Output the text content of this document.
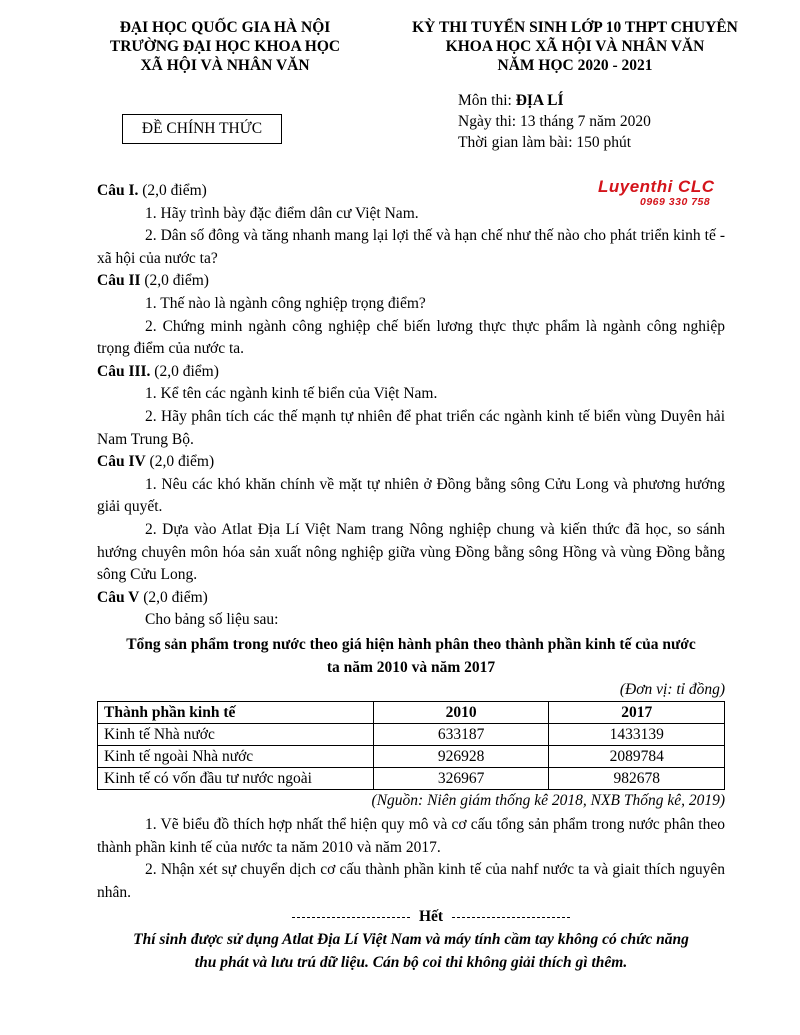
ĐẠI HỌC QUỐC GIA HÀ NỘI
TRƯỜNG ĐẠI HỌC KHOA HỌC
XÃ HỘI VÀ NHÂN VĂN
KỲ THI TUYỂN SINH LỚP 10 THPT CHUYÊN
KHOA HỌC XÃ HỘI VÀ NHÂN VĂN
NĂM HỌC 2020 - 2021
ĐỀ CHÍNH THỨC
Môn thi: ĐỊA LÍ
Ngày thi: 13 tháng 7 năm 2020
Thời gian làm bài: 150 phút
Luyenthi CLC
0969 330 758

Câu I. (2,0 điểm)

1. Hãy trình bày đặc điểm dân cư Việt Nam.

2. Dân số đông và tăng nhanh mang lại lợi thế và hạn chế như thế nào cho phát triển kinh tế - xã hội của nước ta?

Câu II (2,0 điểm)

1. Thế nào là ngành công nghiệp trọng điểm?

2. Chứng minh ngành công nghiệp chế biến lương thực thực phẩm là ngành công nghiệp trọng điểm của nước ta.

Câu III. (2,0 điểm)

1. Kể tên các ngành kinh tế biển của Việt Nam.

2. Hãy phân tích các thế mạnh tự nhiên để phat triển các ngành kinh tế biển vùng Duyên hải Nam Trung Bộ.

Câu IV (2,0 điểm)

1. Nêu các khó khăn chính về mặt tự nhiên ở Đồng bằng sông Cửu Long và phương hướng giải quyết.

2. Dựa vào Atlat Địa Lí Việt Nam trang Nông nghiệp chung và kiến thức đã học, so sánh hướng chuyên môn hóa sản xuất nông nghiệp giữa vùng Đồng bằng sông Hồng và vùng Đồng bằng sông Cửu Long.

Câu V (2,0 điểm)

Cho bảng số liệu sau:

Tổng sản phẩm trong nước theo giá hiện hành phân theo thành phần kinh tế của nước
ta năm 2010 và năm 2017
(Đơn vị: tỉ đồng)
Thành phần kinh tế	2010	2017
Kinh tế Nhà nước	633187	1433139
Kinh tế ngoài Nhà nước	926928	2089784
Kinh tế có vốn đầu tư nước ngoài	326967	982678
(Nguồn: Niên giám thống kê 2018, NXB Thống kê, 2019)

1. Vẽ biểu đồ thích hợp nhất thể hiện quy mô và cơ cấu tổng sản phẩm trong nước phân theo thành phần kinh tế của nước ta năm 2010 và năm 2017.

2. Nhận xét sự chuyển dịch cơ cấu thành phần kinh tế của nahf nước ta và giait thích nguyên nhân.

Hết
Thí sinh được sử dụng Atlat Địa Lí Việt Nam và máy tính cầm tay không có chức năng
thu phát và lưu trú dữ liệu. Cán bộ coi thi không giải thích gì thêm.
